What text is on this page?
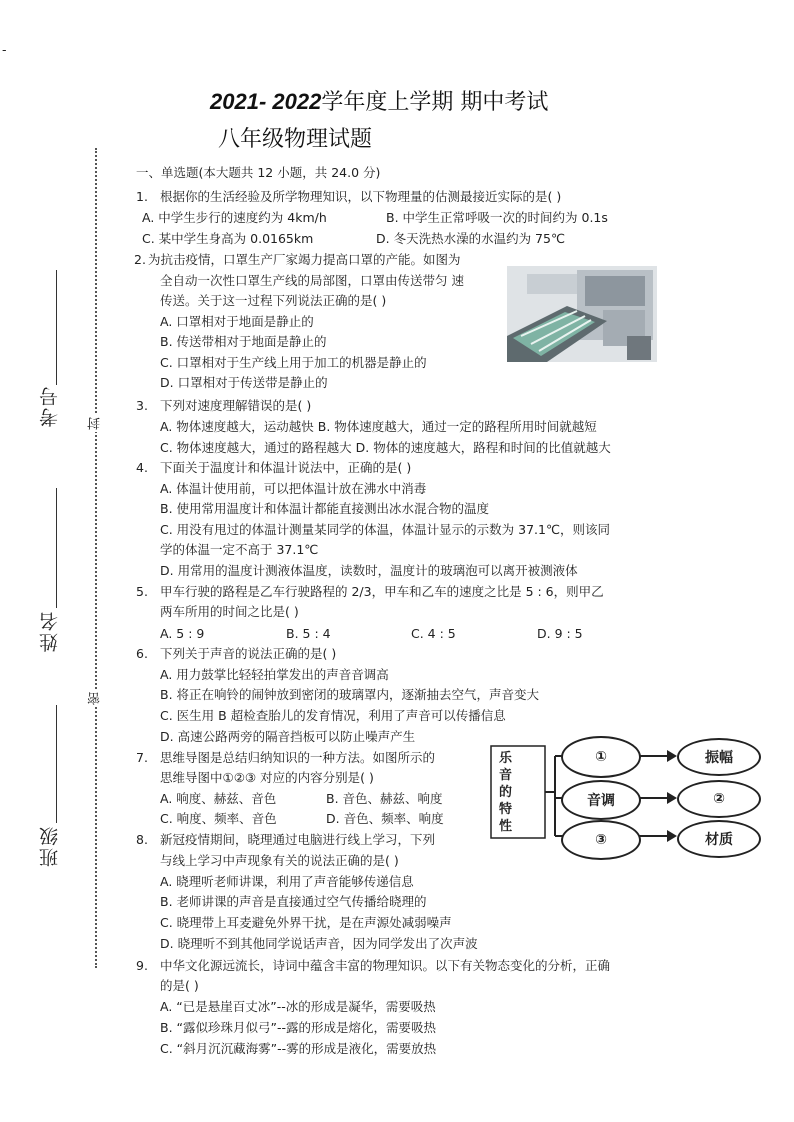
-
2021- 2022学年度上学期 期中考试
八年级物理试题
封
密
考号
姓名
班级
一、单选题(本大题共 12 小题，共 24.0 分)
1. 根据你的生活经验及所学物理知识，以下物理量的估测最接近实际的是( )
A. 中学生步行的速度约为 4km/h	B. 中学生正常呼吸一次的时间约为 0.1s
C. 某中学生身高为 0.0165km	D. 冬天洗热水澡的水温约为 75℃
2. 为抗击疫情，口罩生产厂家竭力提高口罩的产能。如图为
全自动一次性口罩生产线的局部图，口罩由传送带匀 速
传送。关于这一过程下列说法正确的是( )
A. 口罩相对于地面是静止的
B. 传送带相对于地面是静止的
C. 口罩相对于生产线上用于加工的机器是静止的
D. 口罩相对于传送带是静止的
3. 下列对速度理解错误的是( )
A. 物体速度越大，运动越快 B. 物体速度越大，通过一定的路程所用时间就越短
C. 物体速度越大，通过的路程越大 D. 物体的速度越大，路程和时间的比值就越大
4. 下面关于温度计和体温计说法中，正确的是( )
A. 体温计使用前，可以把体温计放在沸水中消毒
B. 使用常用温度计和体温计都能直接测出冰水混合物的温度
C. 用没有甩过的体温计测量某同学的体温，体温计显示的示数为 37.1℃，则该同
学的体温一定不高于 37.1℃
D. 用常用的温度计测液体温度，读数时，温度计的玻璃泡可以离开被测液体
5. 甲车行驶的路程是乙车行驶路程的 2/3，甲车和乙车的速度之比是 5 : 6，则甲乙
两车所用的时间之比是( )
A. 5 : 9	B. 5 : 4	C. 4 : 5	D. 9 : 5
6. 下列关于声音的说法正确的是( )
A. 用力鼓掌比轻轻拍掌发出的声音音调高
B. 将正在响铃的闹钟放到密闭的玻璃罩内，逐渐抽去空气，声音变大
C. 医生用 B 超检查胎儿的发育情况，利用了声音可以传播信息
D. 高速公路两旁的隔音挡板可以防止噪声产生
7. 思维导图是总结归纳知识的一种方法。如图所示的
思维导图中①②③ 对应的内容分别是( )
A. 响度、赫兹、音色	B. 音色、赫兹、响度
C. 响度、频率、音色	D. 音色、频率、响度
乐音的特性
①
音调
③
振幅
②
材质
8. 新冠疫情期间，晓理通过电脑进行线上学习，下列
与线上学习中声现象有关的说法正确的是( )
A. 晓理听老师讲课，利用了声音能够传递信息
B. 老师讲课的声音是直接通过空气传播给晓理的
C. 晓理带上耳麦避免外界干扰，是在声源处减弱噪声
D. 晓理听不到其他同学说话声音，因为同学发出了次声波
9. 中华文化源远流长，诗词中蕴含丰富的物理知识。以下有关物态变化的分析，正确
的是( )
A. “已是悬崖百丈冰”--冰的形成是凝华，需要吸热
B. “露似珍珠月似弓”--露的形成是熔化，需要吸热
C. “斜月沉沉藏海雾”--雾的形成是液化，需要放热
